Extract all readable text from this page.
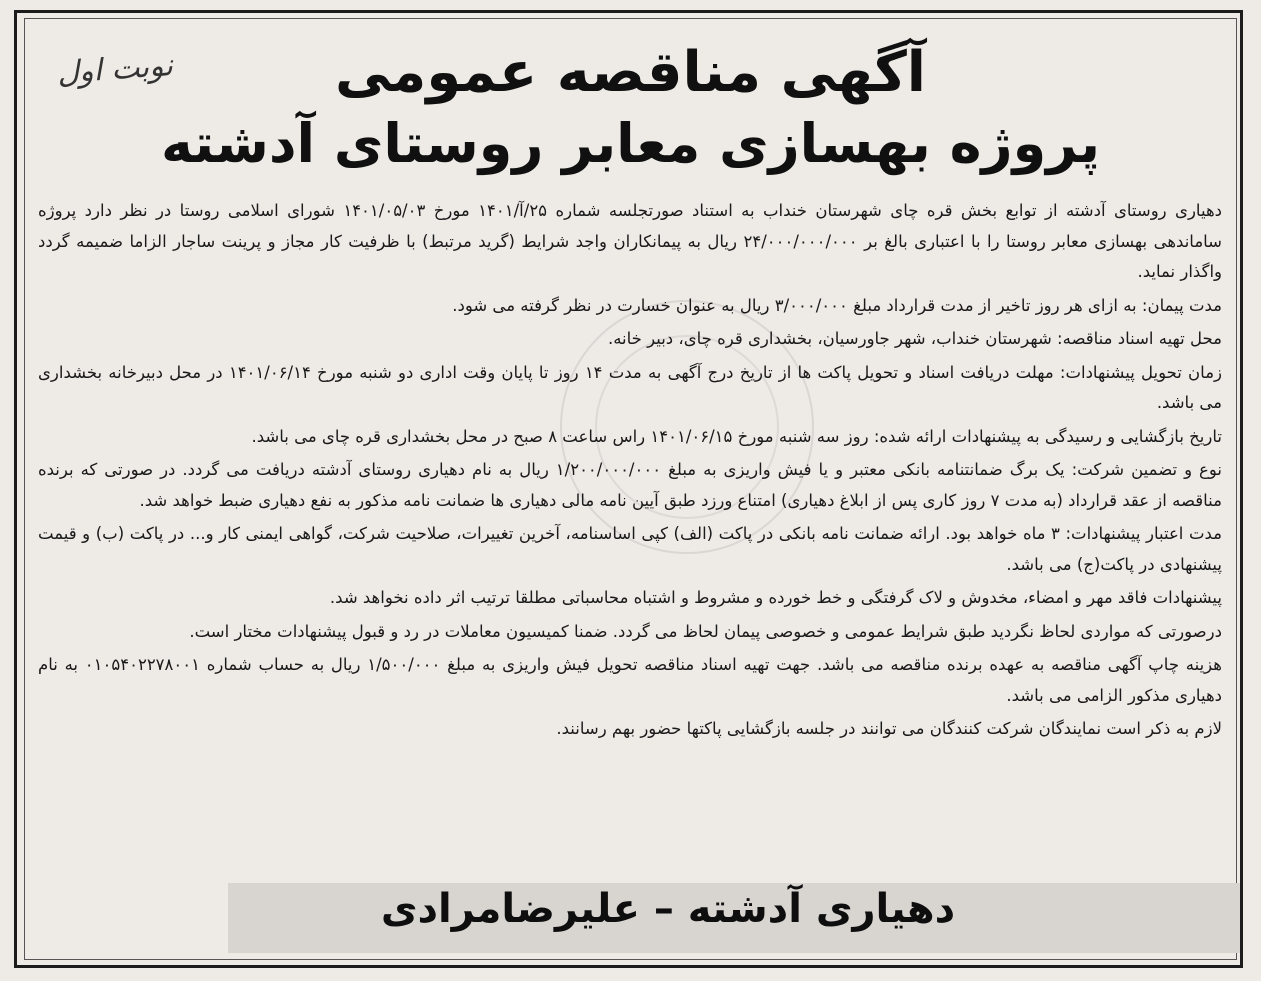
نوبت اول	آگهی مناقصه عمومی
پروژه بهسازی معابر روستای آدشته

دهیاری روستای آدشته از توابع بخش قره چای شهرستان خنداب به استناد صورتجلسه شماره ۲۵/آ/۱۴۰۱ مورخ ۱۴۰۱/۰۵/۰۳ شورای اسلامی روستا در نظر دارد پروژه ساماندهی بهسازی معابر روستا را با اعتباری بالغ بر ۲۴/۰۰۰/۰۰۰/۰۰۰ ریال به پیمانکاران واجد شرایط (گرید مرتبط) با ظرفیت کار مجاز و پرینت ساجار الزاما ضمیمه گردد واگذار نماید.

مدت پیمان: به ازای هر روز تاخیر از مدت قرارداد مبلغ ۳/۰۰۰/۰۰۰ ریال به عنوان خسارت در نظر گرفته می شود.

محل تهیه اسناد مناقصه: شهرستان خنداب، شهر جاورسیان، بخشداری قره چای، دبیر خانه.

زمان تحویل پیشنهادات: مهلت دریافت اسناد و تحویل پاکت ها از تاریخ درج آگهی به مدت ۱۴ روز تا پایان وقت اداری دو شنبه مورخ ۱۴۰۱/۰۶/۱۴ در محل دبیرخانه بخشداری می باشد.

تاریخ بازگشایی و رسیدگی به پیشنهادات ارائه شده: روز سه شنبه مورخ ۱۴۰۱/۰۶/۱۵ راس ساعت ۸ صبح در محل بخشداری قره چای می باشد.

نوع و تضمین شرکت: یک برگ ضمانتنامه بانکی معتبر و یا فیش واریزی به مبلغ ۱/۲۰۰/۰۰۰/۰۰۰ ریال به نام دهیاری روستای آدشته دریافت می گردد. در صورتی که برنده مناقصه از عقد قرارداد (به مدت ۷ روز کاری پس از ابلاغ دهیاری) امتناع ورزد طبق آیین نامه مالی دهیاری ها ضمانت نامه مذکور به نفع دهیاری ضبط خواهد شد.

مدت اعتبار پیشنهادات: ۳ ماه خواهد بود. ارائه ضمانت نامه بانکی در پاکت (الف) کپی اساسنامه، آخرین تغییرات، صلاحیت شرکت، گواهی ایمنی کار و... در پاکت (ب) و قیمت پیشنهادی در پاکت(ج) می باشد.

پیشنهادات فاقد مهر و امضاء، مخدوش و لاک گرفتگی و خط خورده و مشروط و اشتباه محاسباتی مطلقا ترتیب اثر داده نخواهد شد.

درصورتی که مواردی لحاظ نگردید طبق شرایط عمومی و خصوصی پیمان لحاظ می گردد. ضمنا کمیسیون معاملات در رد و قبول پیشنهادات مختار است.

هزینه چاپ آگهی مناقصه به عهده برنده مناقصه می باشد. جهت تهیه اسناد مناقصه تحویل فیش واریزی به مبلغ ۱/۵۰۰/۰۰۰ ریال به حساب شماره ۰۱۰۵۴۰۲۲۷۸۰۰۱ به نام دهیاری مذکور الزامی می باشد.

لازم به ذکر است نمایندگان شرکت کنندگان می توانند در جلسه بازگشایی پاکتها حضور بهم رسانند.

دهیاری آدشته – علیرضامرادی
